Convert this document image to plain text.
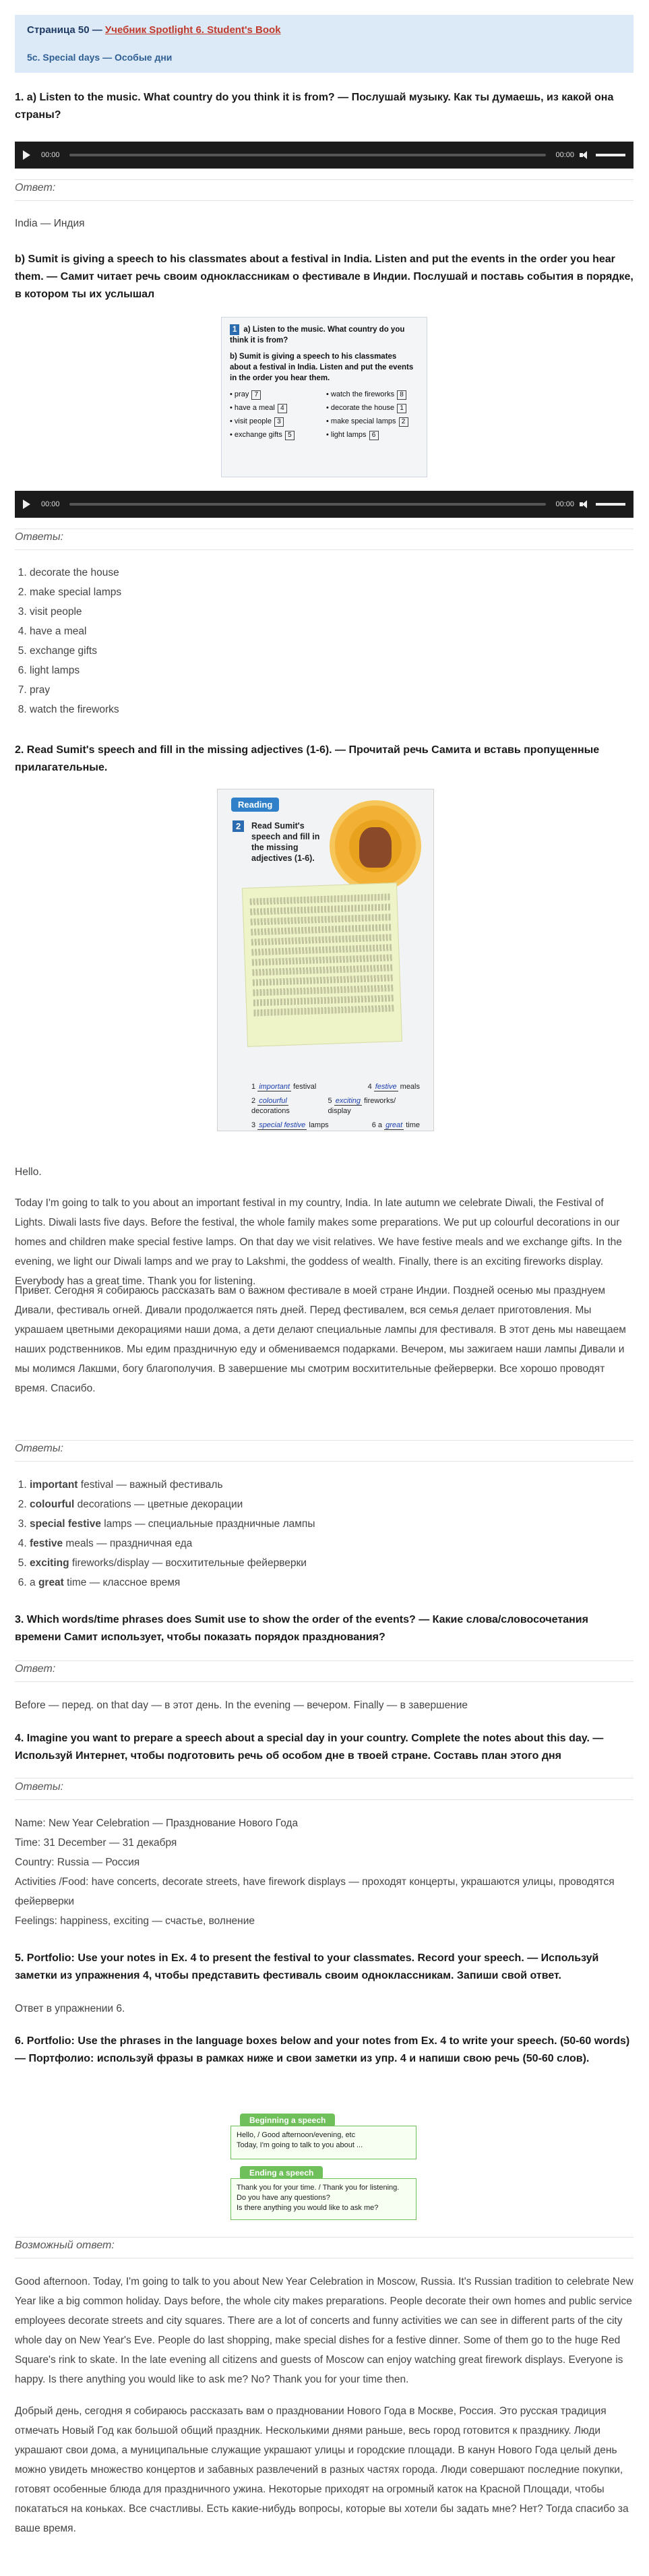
Страница 50 — Учебник Spotlight 6. Student's Book
5c. Special days — Особые дни

1. a) Listen to the music. What country do you think it is from? — Послушай музыку. Как ты думаешь, из какой она страны?

00:00	00:00
Ответ:
India — Индия

b) Sumit is giving a speech to his classmates about a festival in India. Listen and put the events in the order you hear them. — Самит читает речь своим одноклассникам о фестивале в Индии. Послушай и поставь события в порядке, в котором ты их услышал

1 a) Listen to the music. What country do you think it is from?
b) Sumit is giving a speech to his classmates about a festival in India. Listen and put the events in the order you hear them.
• pray 7	• watch the fireworks 8
• have a meal 4	• decorate the house 1
• visit people 3	• make special lamps 2
• exchange gifts 5	• light lamps 6
00:00	00:00
Ответы:
1. decorate the house
2. make special lamps
3. visit people
4. have a meal
5. exchange gifts
6. light lamps
7. pray
8. watch the fireworks

2. Read Sumit's speech and fill in the missing adjectives (1-6). — Прочитай речь Самита и вставь пропущенные прилагательные.

Reading
2	Read Sumit's speech and fill in the missing adjectives (1-6).
1 important festival	4 festive meals
2 colourful decorations
5 exciting fireworks/ display
3 special festive lamps	6 a great time
Hello.

Today I'm going to talk to you about an important festival in my country, India. In late autumn we celebrate Diwali, the Festival of Lights. Diwali lasts five days. Before the festival, the whole family makes some preparations. We put up colourful decorations in our homes and children make special festive lamps. On that day we visit relatives. We have festive meals and we exchange gifts. In the evening, we light our Diwali lamps and we pray to Lakshmi, the goddess of wealth. Finally, there is an exciting fireworks display. Everybody has a great time. Thank you for listening.

Привет. Сегодня я собираюсь рассказать вам о важном фестивале в моей стране Индии. Поздней осенью мы празднуем Дивали, фестиваль огней. Дивали продолжается пять дней. Перед фестивалем, вся семья делает приготовления. Мы украшаем цветными декорациями наши дома, а дети делают специальные лампы для фестиваля. В этот день мы навещаем наших родственников. Мы едим праздничную еду и обмениваемся подарками. Вечером, мы зажигаем наши лампы Дивали и мы молимся Лакшми, богу благополучия. В завершение мы смотрим восхитительные фейерверки. Все хорошо проводят время. Спасибо.

Ответы:
1. important festival — важный фестиваль
2. colourful decorations — цветные декорации
3. special festive lamps — специальные праздничные лампы
4. festive meals — праздничная еда
5. exciting fireworks/display — восхитительные фейерверки
6. a great time — классное время

3. Which words/time phrases does Sumit use to show the order of the events? — Какие слова/словосочетания времени Самит использует, чтобы показать порядок празднования?

Ответ:
Before — перед. on that day — в этот день. In the evening — вечером. Finally — в завершение

4. Imagine you want to prepare a speech about a special day in your country. Complete the notes about this day. — Используй Интернет, чтобы подготовить речь об особом дне в твоей стране. Составь план этого дня

Ответы:
Name: New Year Celebration — Празднование Нового Года
Time: 31 December — 31 декабря
Country: Russia — Россия
Activities /Food: have concerts, decorate streets, have firework displays — проходят концерты, украшаются улицы, проводятся фейерверки
Feelings: happiness, exciting — счастье, волнение

5. Portfolio: Use your notes in Ex. 4 to present the festival to your classmates. Record your speech. — Используй заметки из упражнения 4, чтобы представить фестиваль своим одноклассникам. Запиши свой ответ.

Ответ в упражнении 6.

6. Portfolio: Use the phrases in the language boxes below and your notes from Ex. 4 to write your speech. (50-60 words) — Портфолио: используй фразы в рамках ниже и свои заметки из упр. 4 и напиши свою речь (50-60 слов).

Beginning a speech
Hello, / Good afternoon/evening, etc
Today, I'm going to talk to you about ...
Ending a speech
Thank you for your time. / Thank you for listening.
Do you have any questions?
Is there anything you would like to ask me?
Возможный ответ:

Good afternoon. Today, I'm going to talk to you about New Year Celebration in Moscow, Russia. It's Russian tradition to celebrate New Year like a big common holiday. Days before, the whole city makes preparations. People decorate their own homes and public service employees decorate streets and city squares. There are a lot of concerts and funny activities we can see in different parts of the city whole day on New Year's Eve. People do last shopping, make special dishes for a festive dinner. Some of them go to the huge Red Square's rink to skate. In the late evening all citizens and guests of Moscow can enjoy watching great firework displays. Everyone is happy. Is there anything you would like to ask me? No? Thank you for your time then.

Добрый день, сегодня я собираюсь рассказать вам о праздновании Нового Года в Москве, Россия. Это русская традиция отмечать Новый Год как большой общий праздник. Несколькими днями раньше, весь город готовится к празднику. Люди украшают свои дома, а муниципальные служащие украшают улицы и городские площади. В канун Нового Года целый день можно увидеть множество концертов и забавных развлечений в разных частях города. Люди совершают последние покупки, готовят особенные блюда для праздничного ужина. Некоторые приходят на огромный каток на Красной Площади, чтобы покататься на коньках. Все счастливы. Есть какие-нибудь вопросы, которые вы хотели бы задать мне? Нет? Тогда спасибо за ваше время.
